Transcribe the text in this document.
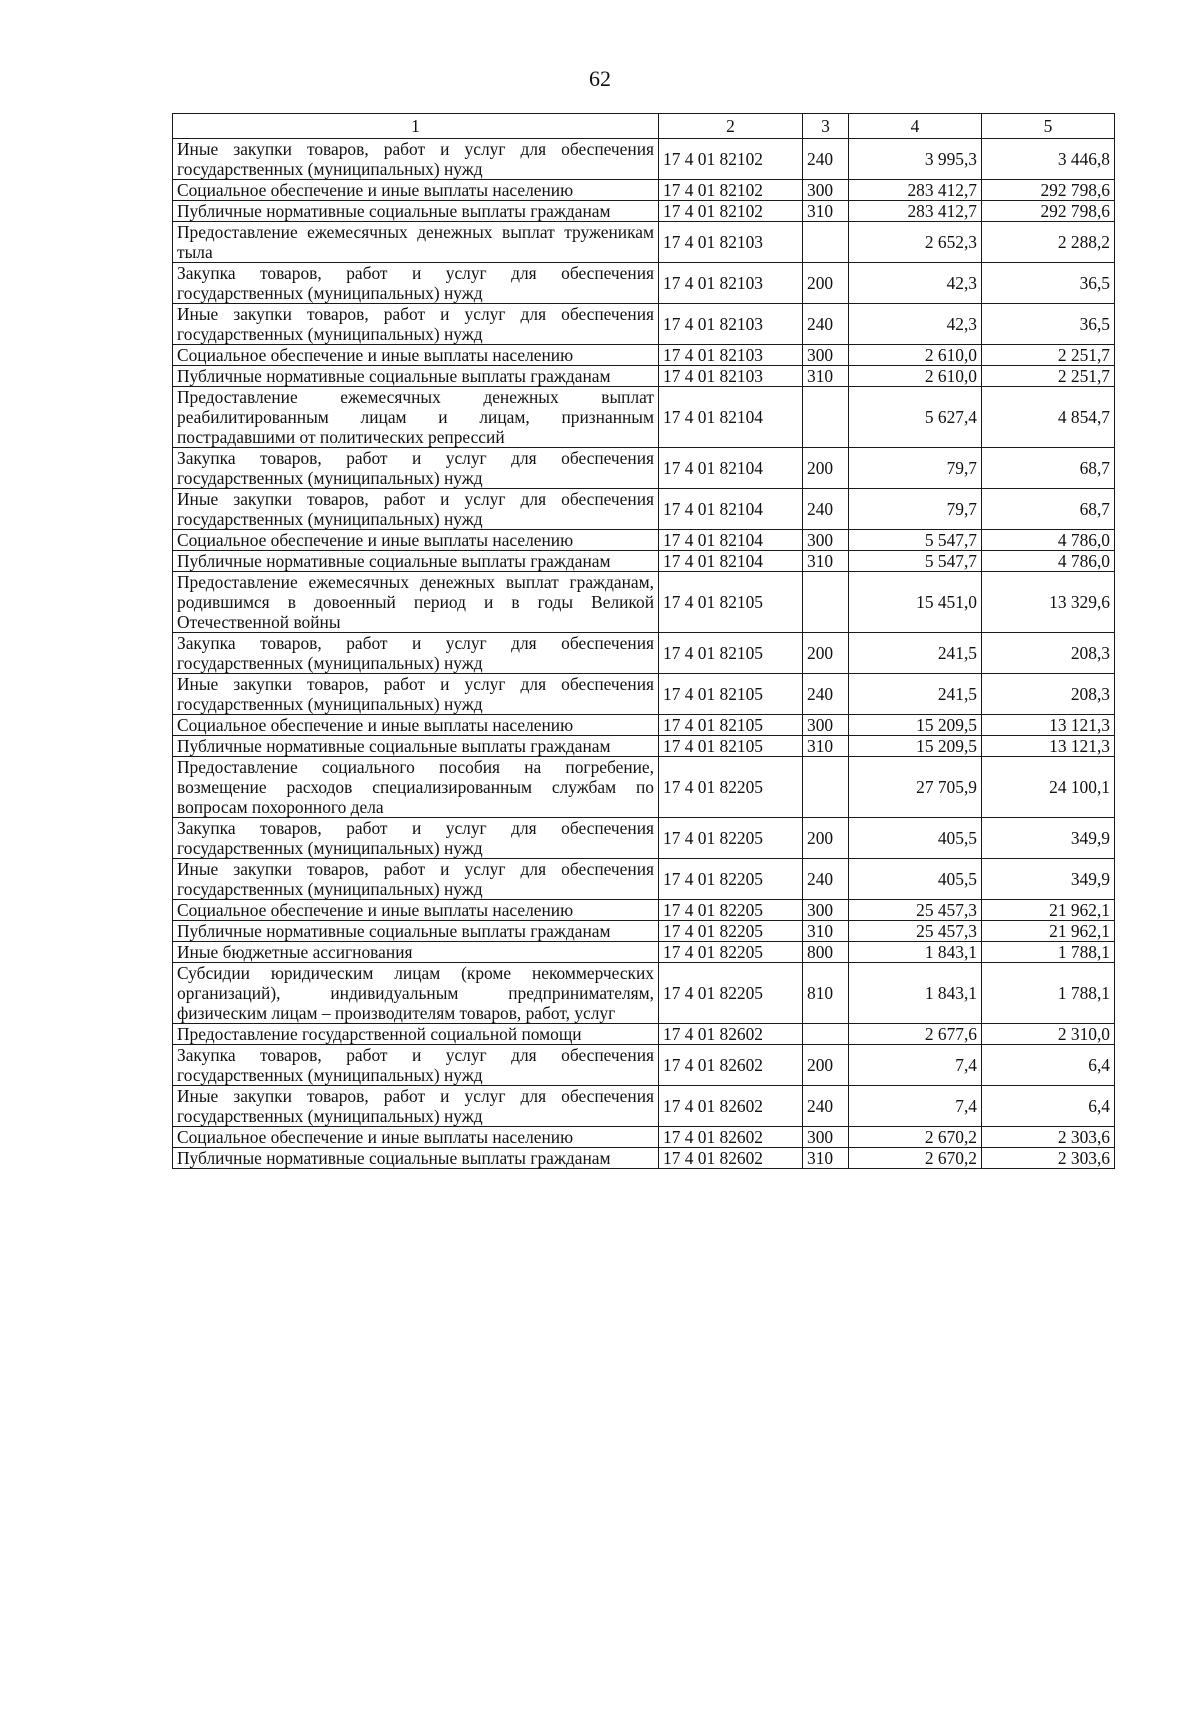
62
1	2	3	4	5
Иные закупки товаров, работ и услуг для обеспечения государственных (муниципальных) нужд	17 4 01 82102	240	3 995,3	3 446,8
Социальное обеспечение и иные выплаты населению	17 4 01 82102	300	283 412,7	292 798,6
Публичные нормативные социальные выплаты гражданам	17 4 01 82102	310	283 412,7	292 798,6
Предоставление ежемесячных денежных выплат труженикам тыла	17 4 01 82103		2 652,3	2 288,2
Закупка товаров, работ и услуг для обеспечения государственных (муниципальных) нужд	17 4 01 82103	200	42,3	36,5
Иные закупки товаров, работ и услуг для обеспечения государственных (муниципальных) нужд	17 4 01 82103	240	42,3	36,5
Социальное обеспечение и иные выплаты населению	17 4 01 82103	300	2 610,0	2 251,7
Публичные нормативные социальные выплаты гражданам	17 4 01 82103	310	2 610,0	2 251,7
Предоставление ежемесячных денежных выплат реабилитированным лицам и лицам, признанным пострадавшими от политических репрессий	17 4 01 82104		5 627,4	4 854,7
Закупка товаров, работ и услуг для обеспечения государственных (муниципальных) нужд	17 4 01 82104	200	79,7	68,7
Иные закупки товаров, работ и услуг для обеспечения государственных (муниципальных) нужд	17 4 01 82104	240	79,7	68,7
Социальное обеспечение и иные выплаты населению	17 4 01 82104	300	5 547,7	4 786,0
Публичные нормативные социальные выплаты гражданам	17 4 01 82104	310	5 547,7	4 786,0
Предоставление ежемесячных денежных выплат гражданам, родившимся в довоенный период и в годы Великой Отечественной войны	17 4 01 82105		15 451,0	13 329,6
Закупка товаров, работ и услуг для обеспечения государственных (муниципальных) нужд	17 4 01 82105	200	241,5	208,3
Иные закупки товаров, работ и услуг для обеспечения государственных (муниципальных) нужд	17 4 01 82105	240	241,5	208,3
Социальное обеспечение и иные выплаты населению	17 4 01 82105	300	15 209,5	13 121,3
Публичные нормативные социальные выплаты гражданам	17 4 01 82105	310	15 209,5	13 121,3
Предоставление социального пособия на погребение, возмещение расходов специализированным службам по вопросам похоронного дела	17 4 01 82205		27 705,9	24 100,1
Закупка товаров, работ и услуг для обеспечения государственных (муниципальных) нужд	17 4 01 82205	200	405,5	349,9
Иные закупки товаров, работ и услуг для обеспечения государственных (муниципальных) нужд	17 4 01 82205	240	405,5	349,9
Социальное обеспечение и иные выплаты населению	17 4 01 82205	300	25 457,3	21 962,1
Публичные нормативные социальные выплаты гражданам	17 4 01 82205	310	25 457,3	21 962,1
Иные бюджетные ассигнования	17 4 01 82205	800	1 843,1	1 788,1
Субсидии юридическим лицам (кроме некоммерческих организаций), индивидуальным предпринимателям, физическим лицам – производителям товаров, работ, услуг	17 4 01 82205	810	1 843,1	1 788,1
Предоставление государственной социальной помощи	17 4 01 82602		2 677,6	2 310,0
Закупка товаров, работ и услуг для обеспечения государственных (муниципальных) нужд	17 4 01 82602	200	7,4	6,4
Иные закупки товаров, работ и услуг для обеспечения государственных (муниципальных) нужд	17 4 01 82602	240	7,4	6,4
Социальное обеспечение и иные выплаты населению	17 4 01 82602	300	2 670,2	2 303,6
Публичные нормативные социальные выплаты гражданам	17 4 01 82602	310	2 670,2	2 303,6
